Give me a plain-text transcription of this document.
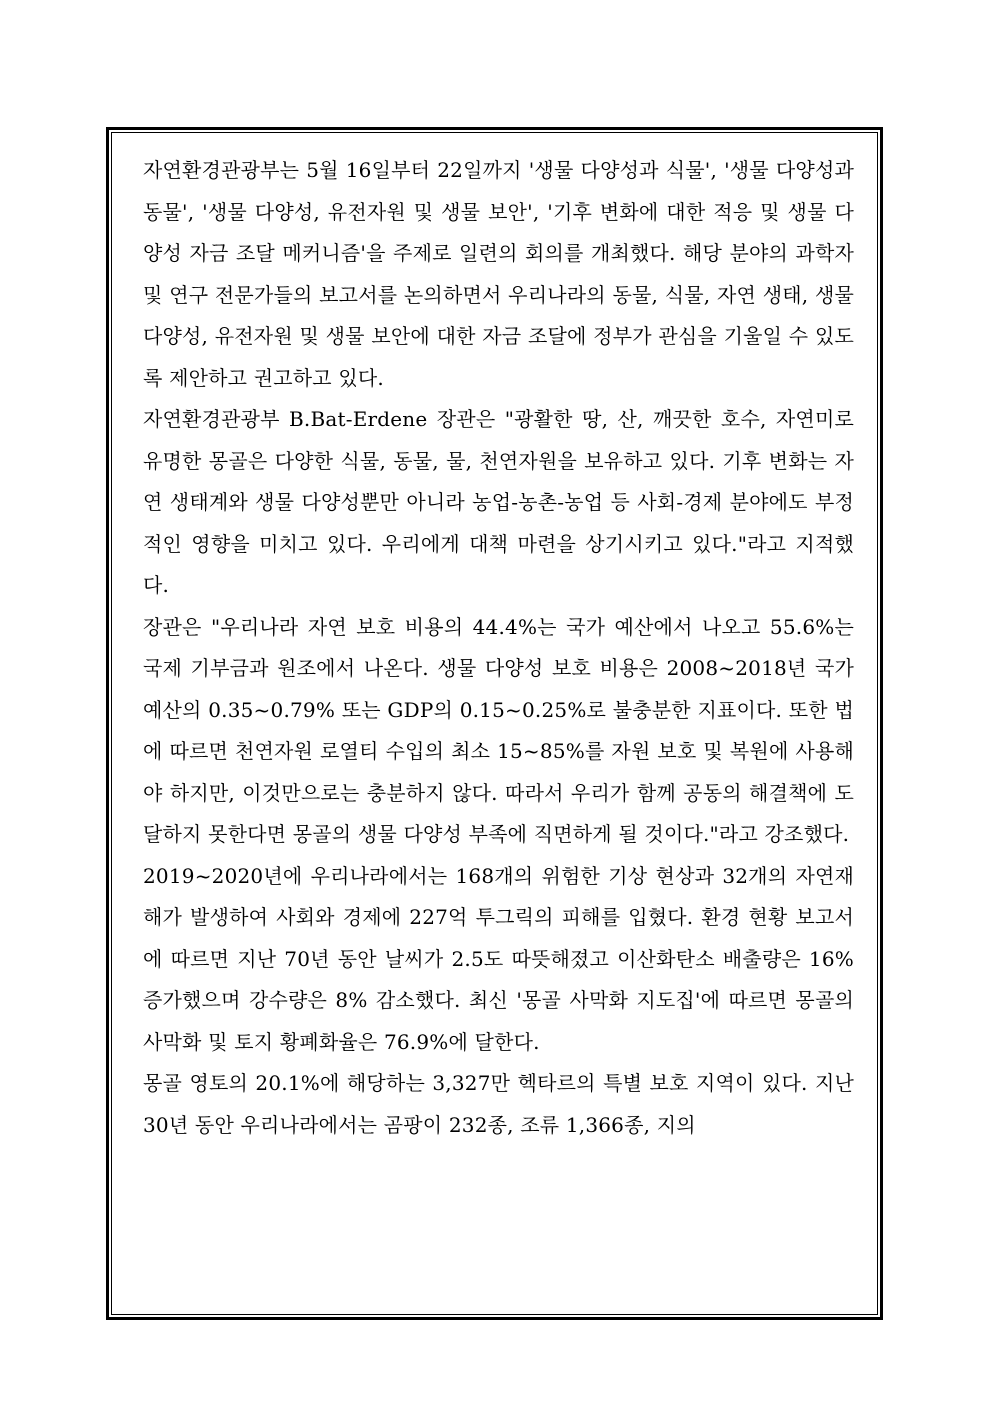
자연환경관광부는 5월 16일부터 22일까지 '생물 다양성과 식물', '생물 다양성과 동물', '생물 다양성, 유전자원 및 생물 보안', '기후 변화에 대한 적응 및 생물 다양성 자금 조달 메커니즘'을 주제로 일련의 회의를 개최했다. 해당 분야의 과학자 및 연구 전문가들의 보고서를 논의하면서 우리나라의 동물, 식물, 자연 생태, 생물 다양성, 유전자원 및 생물 보안에 대한 자금 조달에 정부가 관심을 기울일 수 있도록 제안하고 권고하고 있다.

자연환경관광부 B.Bat-Erdene 장관은 "광활한 땅, 산, 깨끗한 호수, 자연미로 유명한 몽골은 다양한 식물, 동물, 물, 천연자원을 보유하고 있다. 기후 변화는 자연 생태계와 생물 다양성뿐만 아니라 농업-농촌-농업 등 사회-경제 분야에도 부정적인 영향을 미치고 있다. 우리에게 대책 마련을 상기시키고 있다."라고 지적했다.

장관은 "우리나라 자연 보호 비용의 44.4%는 국가 예산에서 나오고 55.6%는 국제 기부금과 원조에서 나온다. 생물 다양성 보호 비용은 2008~2018년 국가 예산의 0.35~0.79% 또는 GDP의 0.15~0.25%로 불충분한 지표이다. 또한 법에 따르면 천연자원 로열티 수입의 최소 15~85%를 자원 보호 및 복원에 사용해야 하지만, 이것만으로는 충분하지 않다. 따라서 우리가 함께 공동의 해결책에 도달하지 못한다면 몽골의 생물 다양성 부족에 직면하게 될 것이다."라고 강조했다.

2019~2020년에 우리나라에서는 168개의 위험한 기상 현상과 32개의 자연재해가 발생하여 사회와 경제에 227억 투그릭의 피해를 입혔다. 환경 현황 보고서에 따르면 지난 70년 동안 날씨가 2.5도 따뜻해졌고 이산화탄소 배출량은 16% 증가했으며 강수량은 8% 감소했다. 최신 '몽골 사막화 지도집'에 따르면 몽골의 사막화 및 토지 황폐화율은 76.9%에 달한다.

몽골 영토의 20.1%에 해당하는 3,327만 헥타르의 특별 보호 지역이 있다. 지난 30년 동안 우리나라에서는 곰팡이 232종, 조류 1,366종, 지의
